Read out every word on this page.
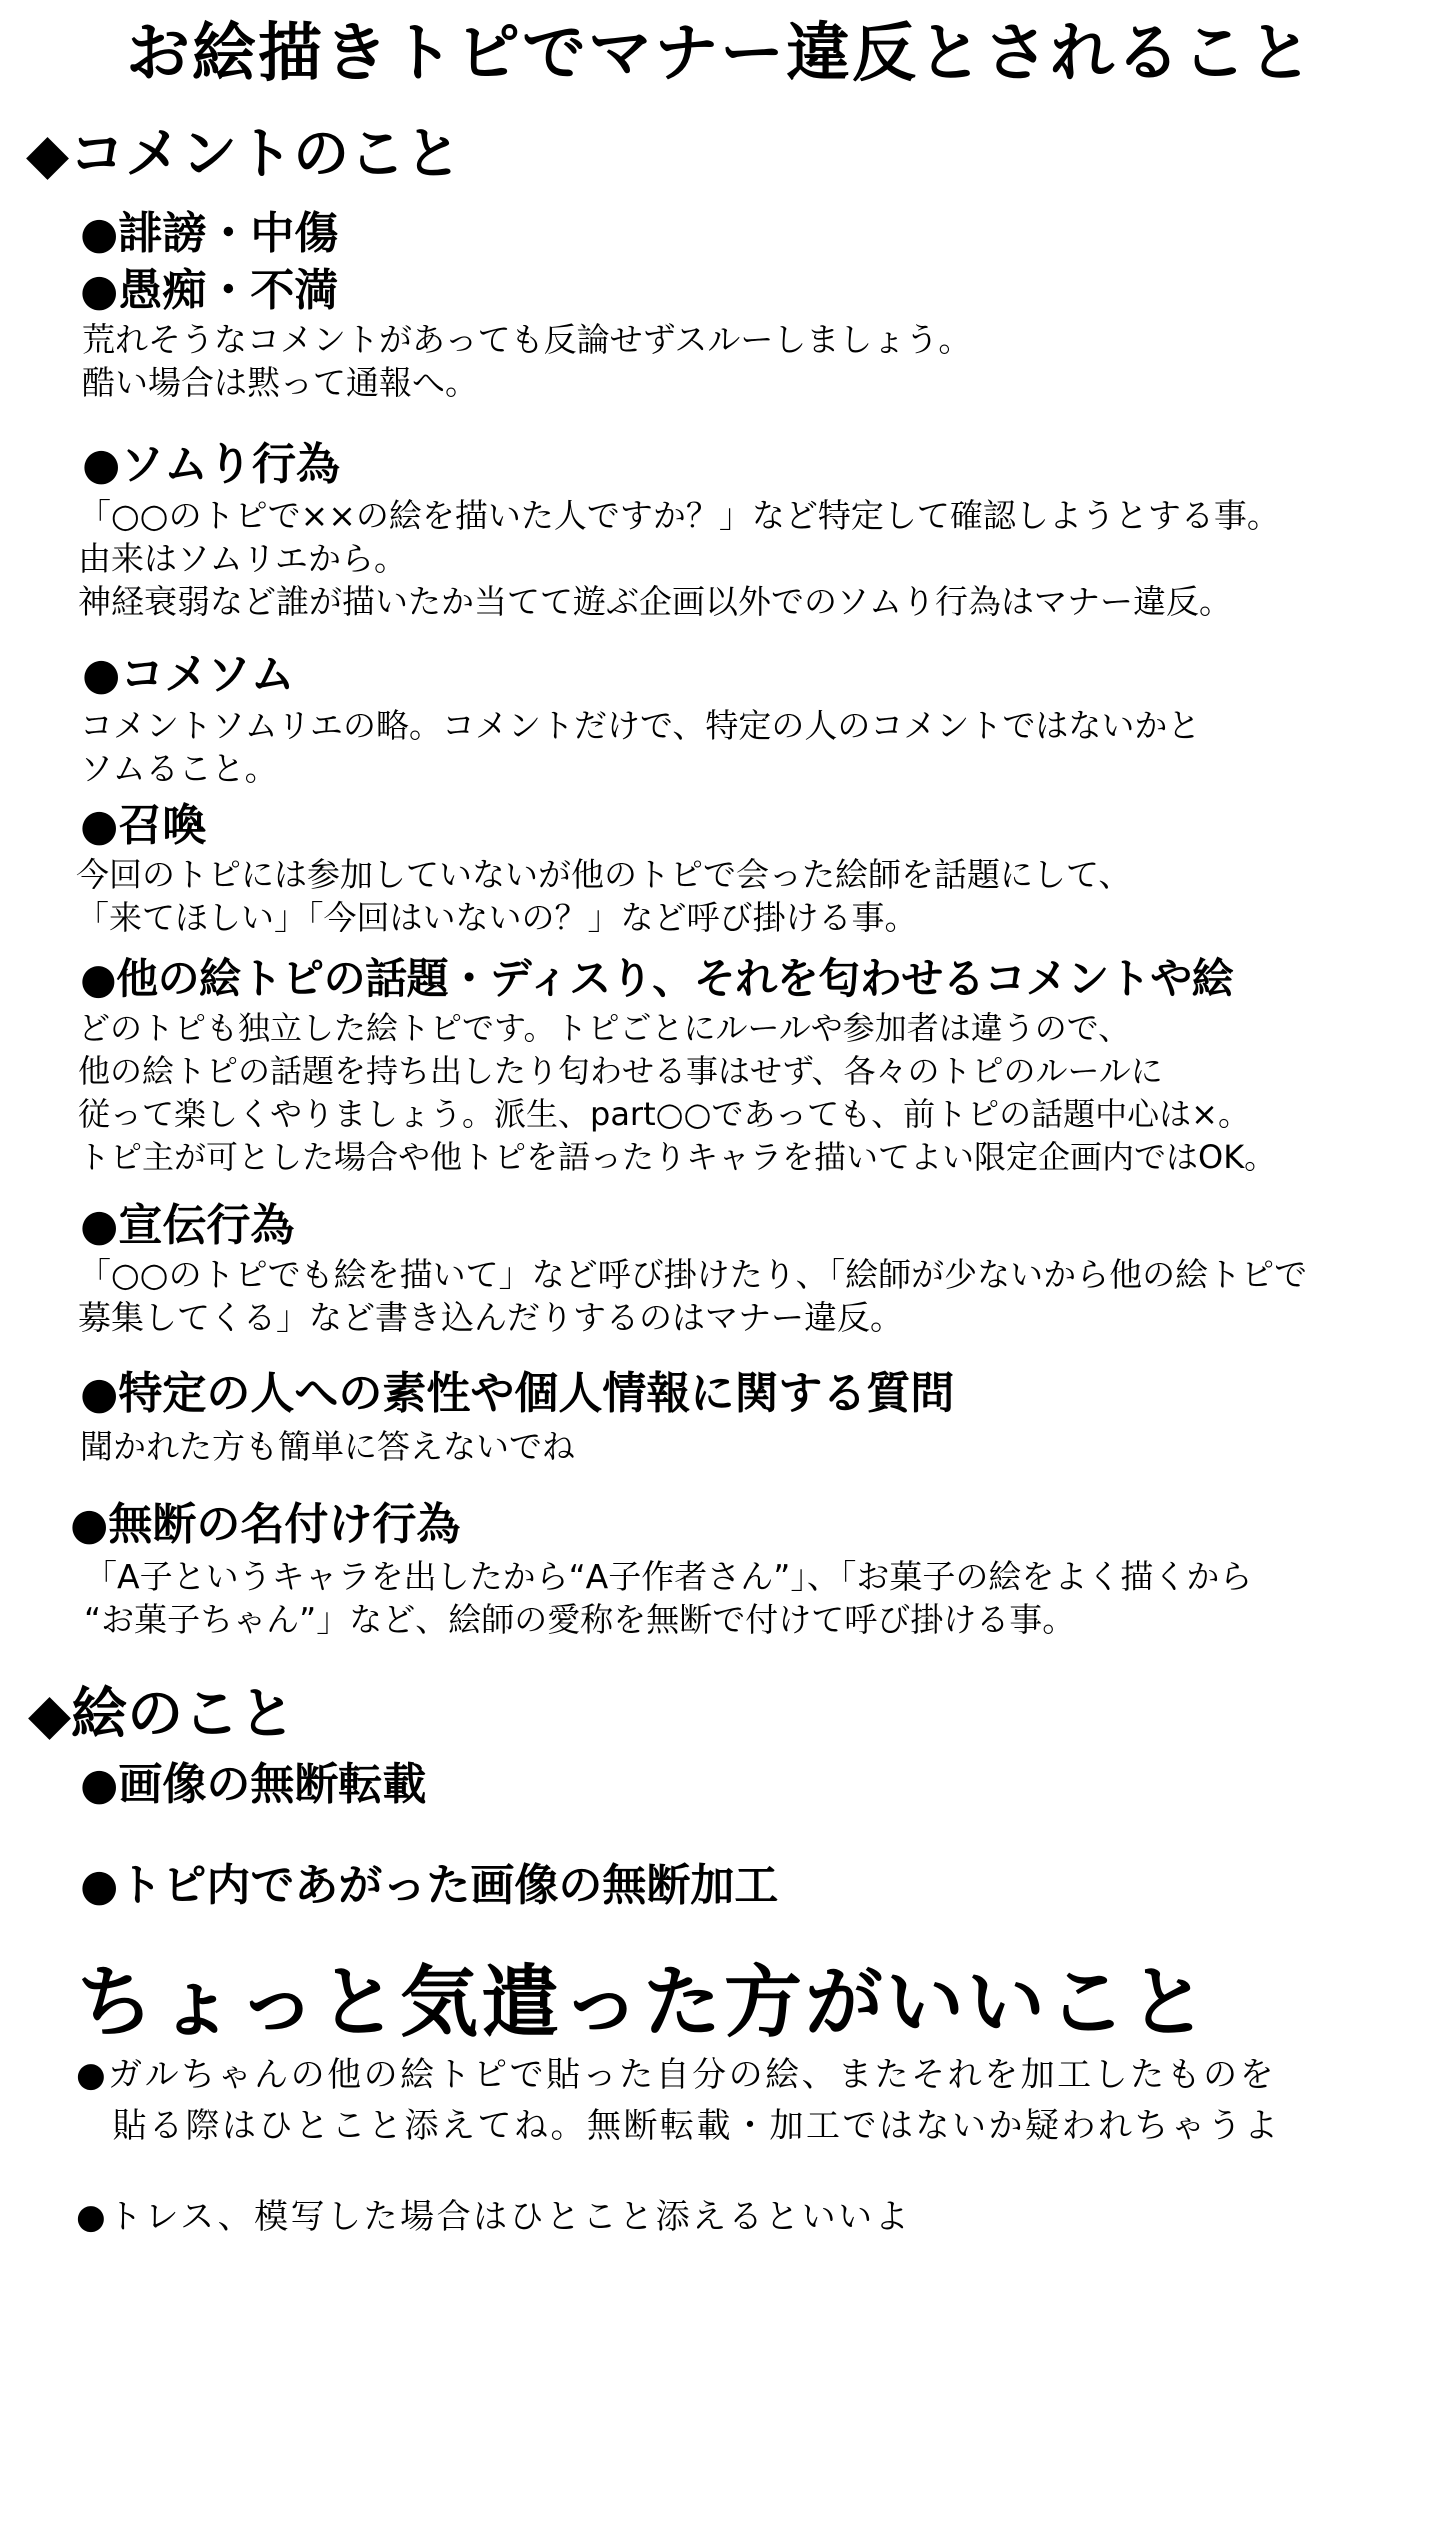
お絵描きトピでマナー違反とされること
◆コメントのこと
●誹謗・中傷
●愚痴・不満
荒れそうなコメントがあっても反論せずスルーしましょう。
酷い場合は黙って通報へ。
●ソムり行為
「○○のトピで××の絵を描いた人ですか？」など特定して確認しようとする事。
由来はソムリエから。
神経衰弱など誰が描いたか当てて遊ぶ企画以外でのソムり行為はマナー違反。
●コメソム
コメントソムリエの略。コメントだけで、特定の人のコメントではないかと
ソムること。
●召喚
今回のトピには参加していないが他のトピで会った絵師を話題にして、
「来てほしい」「今回はいないの？」など呼び掛ける事。
●他の絵トピの話題・ディスり、それを匂わせるコメントや絵
どのトピも独立した絵トピです。トピごとにルールや参加者は違うので、
他の絵トピの話題を持ち出したり匂わせる事はせず、各々のトピのルールに
従って楽しくやりましょう。派生、part○○であっても、前トピの話題中心は×。
トピ主が可とした場合や他トピを語ったりキャラを描いてよい限定企画内ではOK。
●宣伝行為
「○○のトピでも絵を描いて」など呼び掛けたり、「絵師が少ないから他の絵トピで
募集してくる」など書き込んだりするのはマナー違反。
●特定の人への素性や個人情報に関する質問
聞かれた方も簡単に答えないでね
●無断の名付け行為
「A子というキャラを出したから“A子作者さん”」、「お菓子の絵をよく描くから
“お菓子ちゃん”」など、絵師の愛称を無断で付けて呼び掛ける事。
◆絵のこと
●画像の無断転載
●トピ内であがった画像の無断加工
ちょっと気遣った方がいいこと
●ガルちゃんの他の絵トピで貼った自分の絵、またそれを加工したものを
　貼る際はひとこと添えてね。無断転載・加工ではないか疑われちゃうよ
●トレス、模写した場合はひとこと添えるといいよ
